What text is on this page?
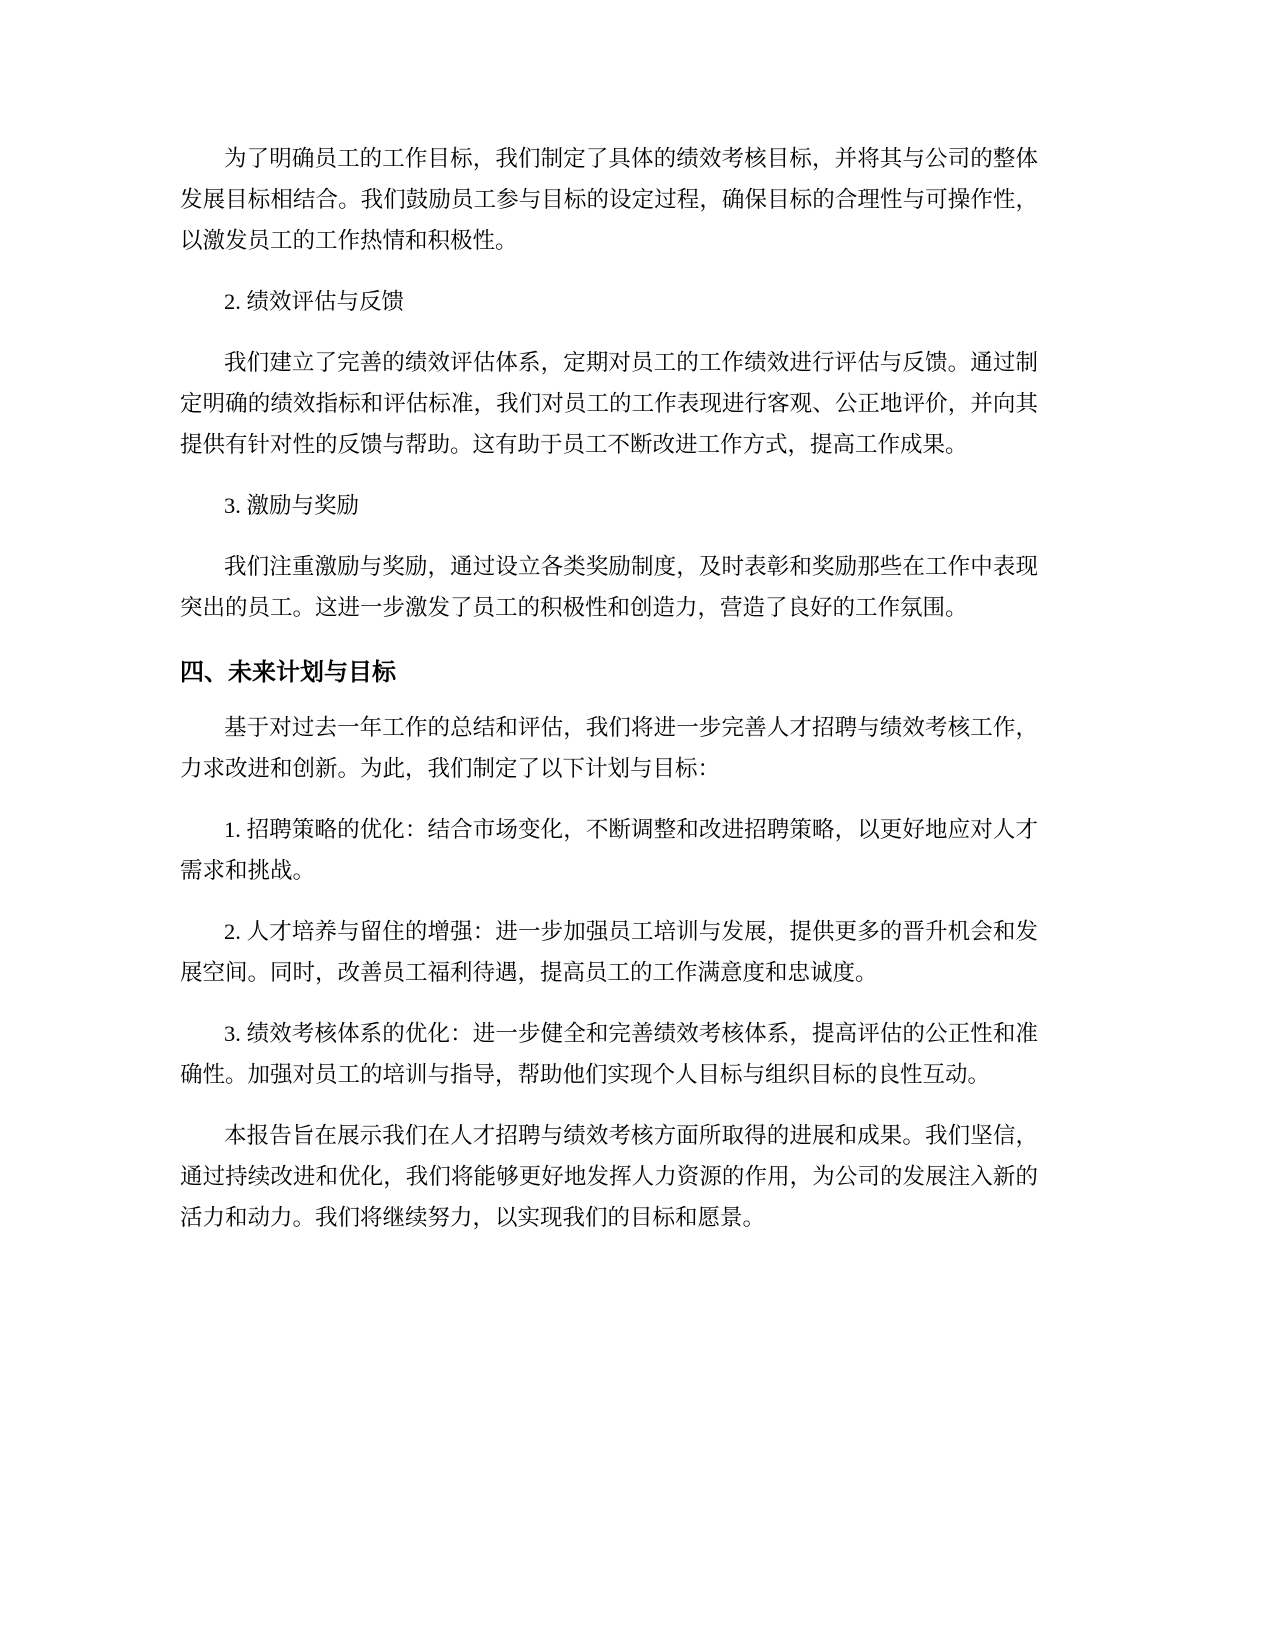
为了明确员工的工作目标，我们制定了具体的绩效考核目标，并将其与公司的整体发展目标相结合。我们鼓励员工参与目标的设定过程，确保目标的合理性与可操作性，以激发员工的工作热情和积极性。

2. 绩效评估与反馈

我们建立了完善的绩效评估体系，定期对员工的工作绩效进行评估与反馈。通过制定明确的绩效指标和评估标准，我们对员工的工作表现进行客观、公正地评价，并向其提供有针对性的反馈与帮助。这有助于员工不断改进工作方式，提高工作成果。

3. 激励与奖励

我们注重激励与奖励，通过设立各类奖励制度，及时表彰和奖励那些在工作中表现突出的员工。这进一步激发了员工的积极性和创造力，营造了良好的工作氛围。

四、未来计划与目标

基于对过去一年工作的总结和评估，我们将进一步完善人才招聘与绩效考核工作，力求改进和创新。为此，我们制定了以下计划与目标：

1. 招聘策略的优化：结合市场变化，不断调整和改进招聘策略，以更好地应对人才需求和挑战。

2. 人才培养与留住的增强：进一步加强员工培训与发展，提供更多的晋升机会和发展空间。同时，改善员工福利待遇，提高员工的工作满意度和忠诚度。

3. 绩效考核体系的优化：进一步健全和完善绩效考核体系，提高评估的公正性和准确性。加强对员工的培训与指导，帮助他们实现个人目标与组织目标的良性互动。

本报告旨在展示我们在人才招聘与绩效考核方面所取得的进展和成果。我们坚信，通过持续改进和优化，我们将能够更好地发挥人力资源的作用，为公司的发展注入新的活力和动力。我们将继续努力，以实现我们的目标和愿景。
